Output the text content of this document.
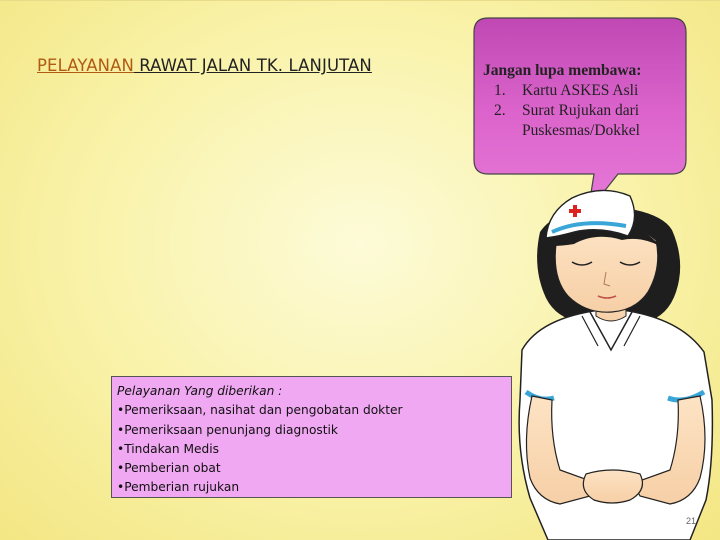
PELAYANAN RAWAT JALAN TK. LANJUTAN	Jangan lupa membawa:
1.	Kartu ASKES Asli
2.	Surat Rujukan dari Puskesmas/Dokkel
Pelayanan Yang diberikan :
•Pemeriksaan, nasihat dan pengobatan dokter
•Pemeriksaan penunjang diagnostik
•Tindakan Medis
•Pemberian obat
•Pemberian rujukan
21
